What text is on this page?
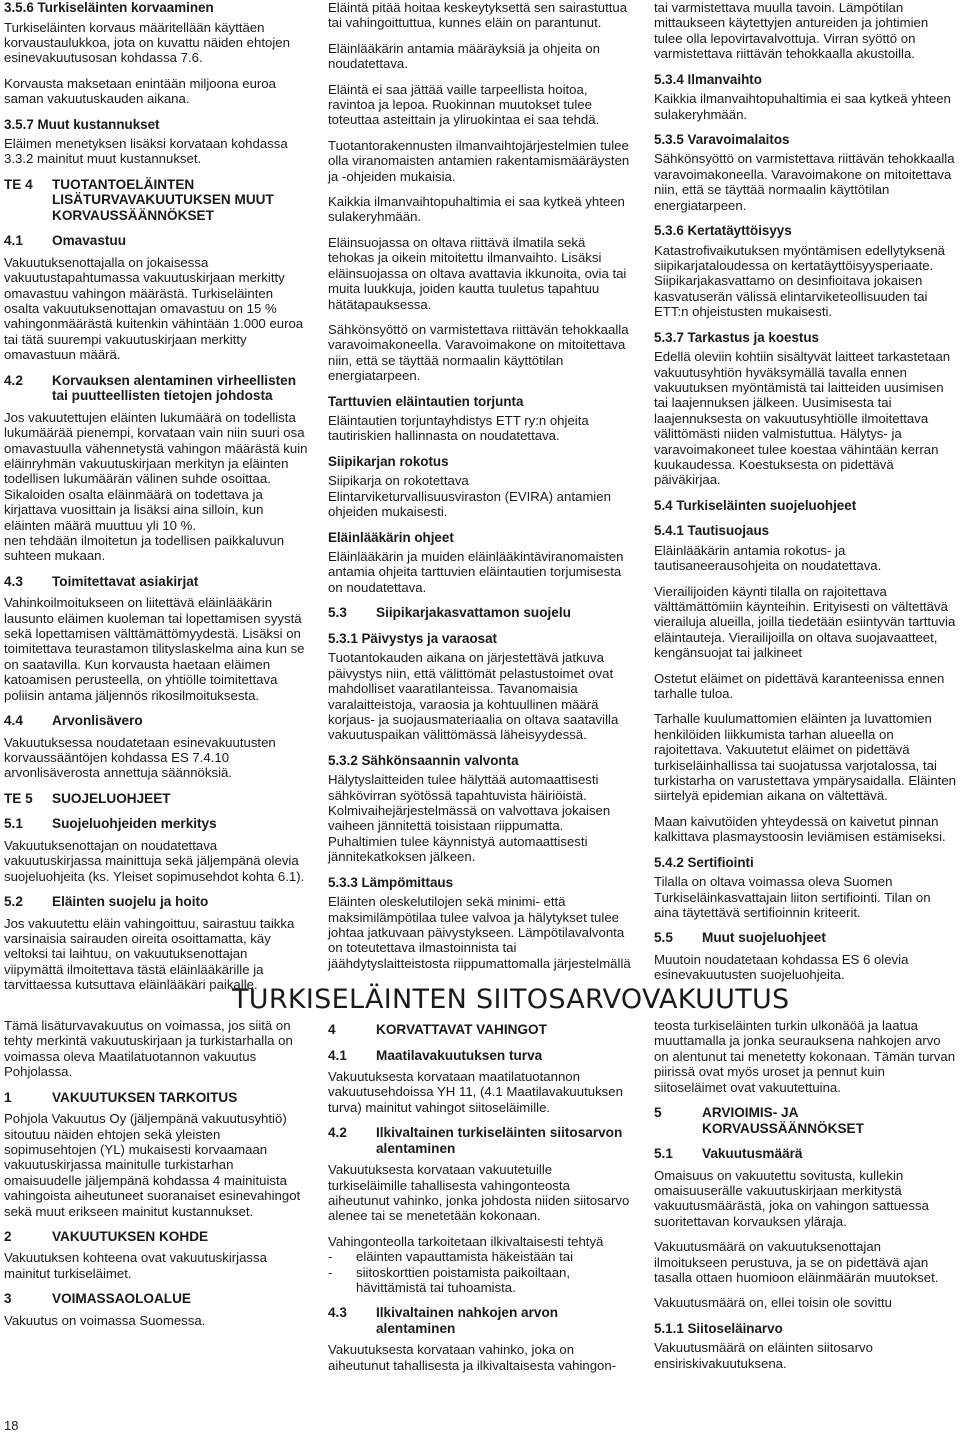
3.5.6 Turkiseläinten korvaaminen

Turkiseläinten korvaus määritellään käyttäen korvaustaulukkoa, jota on kuvattu näiden ehtojen esinevakuutusosan kohdassa 7.6.

Korvausta maksetaan enintään miljoona euroa saman vakuutuskauden aikana.

3.5.7 Muut kustannukset

Eläimen menetyksen lisäksi korvataan kohdassa 3.3.2 mainitut muut kustannukset.

TE 4	TUOTANTOELÄINTEN LISÄTURVAVAKUUTUKSEN MUUT KORVAUSSÄÄNNÖKSET
4.1	Omavastuu

Vakuutuksenottajalla on jokaisessa vakuutustapahtumassa vakuutuskirjaan merkitty omavastuu vahingon määrästä. Turkiseläinten osalta vakuutuksenottajan omavastuu on 15 % vahingonmäärästä kuitenkin vähintään 1.000 euroa tai tätä suurempi vakuutuskirjaan merkitty omavastuun määrä.

4.2	Korvauksen alentaminen virheellisten tai puutteellisten tietojen johdosta

Jos vakuutettujen eläinten lukumäärä on todellista lukumäärää pienempi, korvataan vain niin suuri osa omavastuulla vähennetystä vahingon määrästä kuin eläinryhmän vakuutuskirjaan merkityn ja eläinten todellisen lukumäärän välinen suhde osoittaa. Sikaloiden osalta eläinmäärä on todettava ja kirjattava vuosittain ja lisäksi aina silloin, kun eläinten määrä muuttuu yli 10 %.

nen tehdään ilmoitetun ja todellisen paikkaluvun suhteen mukaan.

4.3	Toimitettavat asiakirjat

Vahinkoilmoitukseen on liitettävä eläinlääkärin lausunto eläimen kuoleman tai lopettamisen syystä sekä lopettamisen välttämättömyydestä. Lisäksi on toimitettava teurastamon tilityslaskelma aina kun se on saatavilla. Kun korvausta haetaan eläimen katoamisen perusteella, on yhtiölle toimitettava poliisin antama jäljennös rikosilmoituksesta.

4.4	Arvonlisävero

Vakuutuksessa noudatetaan esinevakuutusten korvaussääntöjen kohdassa ES 7.4.10 arvonlisäverosta annettuja säännöksiä.

TE 5	SUOJELUOHJEET
5.1	Suojeluohjeiden merkitys

Vakuutuksenottajan on noudatettava vakuutuskirjassa mainittuja sekä jäljempänä olevia suojeluohjeita (ks. Yleiset sopimusehdot kohta 6.1).

5.2	Eläinten suojelu ja hoito

Jos vakuutettu eläin vahingoittuu, sairastuu taikka varsinaisia sairauden oireita osoittamatta, käy veltoksi tai laihtuu, on vakuutuksenottajan viipymättä ilmoitettava tästä eläinlääkärille ja tarvittaessa kutsuttava eläinlääkäri paikalle.

Eläintä pitää hoitaa keskeytyksettä sen sairastuttua tai vahingoittuttua, kunnes eläin on parantunut.

Eläinlääkärin antamia määräyksiä ja ohjeita on noudatettava.

Eläintä ei saa jättää vaille tarpeellista hoitoa, ravintoa ja lepoa. Ruokinnan muutokset tulee toteuttaa asteittain ja yliruokintaa ei saa tehdä.

Tuotantorakennusten ilmanvaihtojärjestelmien tulee olla viranomaisten antamien rakentamismääräysten ja -ohjeiden mukaisia.

Kaikkia ilmanvaihtopuhaltimia ei saa kytkeä yhteen sulakeryhmään.

Eläinsuojassa on oltava riittävä ilmatila sekä tehokas ja oikein mitoitettu ilmanvaihto. Lisäksi eläinsuojassa on oltava avattavia ikkunoita, ovia tai muita luukkuja, joiden kautta tuuletus tapahtuu hätätapauksessa.

Sähkönsyöttö on varmistettava riittävän tehokkaalla varavoimakoneella. Varavoimakone on mitoitettava niin, että se täyttää normaalin käyttötilan energiatarpeen.

Tarttuvien eläintautien torjunta

Eläintautien torjuntayhdistys ETT ry:n ohjeita tautiriskien hallinnasta on noudatettava.

Siipikarjan rokotus

Siipikarja on rokotettava Elintarviketurvallisuusviraston (EVIRA) antamien ohjeiden mukaisesti.

Eläinlääkärin ohjeet

Eläinlääkärin ja muiden eläinlääkintäviranomaisten antamia ohjeita tarttuvien eläintautien torjumisesta on noudatettava.

5.3	Siipikarjakasvattamon suojelu
5.3.1 Päivystys ja varaosat

Tuotantokauden aikana on järjestettävä jatkuva päivystys niin, että välittömät pelastustoimet ovat mahdolliset vaaratilanteissa. Tavanomaisia varalaitteistoja, varaosia ja kohtuullinen määrä korjaus- ja suojausmateriaalia on oltava saatavilla vakuutuspaikan välittömässä läheisyydessä.

5.3.2 Sähkönsaannin valvonta

Hälytyslaitteiden tulee hälyttää automaattisesti sähkövirran syötössä tapahtuvista häiriöistä. Kolmivaihejärjestelmässä on valvottava jokaisen vaiheen jännitettä toisistaan riippumatta. Puhaltimien tulee käynnistyä automaattisesti jännitekatkoksen jälkeen.

5.3.3 Lämpömittaus

Eläinten oleskelutilojen sekä minimi- että maksimilämpötilaa tulee valvoa ja hälytykset tulee johtaa jatkuvaan päivystykseen. Lämpötilavalvonta on toteutettava ilmastoinnista tai jäähdytyslaitteistosta riippumattomalla järjestelmällä

tai varmistettava muulla tavoin. Lämpötilan mittaukseen käytettyjen antureiden ja johtimien tulee olla lepovirtavalvottuja. Virran syöttö on varmistettava riittävän tehokkaalla akustoilla.

5.3.4 Ilmanvaihto

Kaikkia ilmanvaihtopuhaltimia ei saa kytkeä yhteen sulakeryhmään.

5.3.5 Varavoimalaitos

Sähkönsyöttö on varmistettava riittävän tehokkaalla varavoimakoneella. Varavoimakone on mitoitettava niin, että se täyttää normaalin käyttötilan energiatarpeen.

5.3.6 Kertatäyttöisyys

Katastrofivaikutuksen myöntämisen edellytyksenä siipikarjataloudessa on kertatäyttöisyysperiaate. Siipikarjakasvattamo on desinfioitava jokaisen kasvatuserän välissä elintarviketeollisuuden tai ETT:n ohjeistusten mukaisesti.

5.3.7 Tarkastus ja koestus

Edellä oleviin kohtiin sisältyvät laitteet tarkastetaan vakuutusyhtiön hyväksymällä tavalla ennen vakuutuksen myöntämistä tai laitteiden uusimisen tai laajennuksen jälkeen. Uusimisesta tai laajennuksesta on vakuutusyhtiölle ilmoitettava välittömästi niiden valmistuttua. Hälytys- ja varavoimakoneet tulee koestaa vähintään kerran kuukaudessa. Koestuksesta on pidettävä päiväkirjaa.

5.4 Turkiseläinten suojeluohjeet
5.4.1 Tautisuojaus

Eläinlääkärin antamia rokotus- ja tautisaneerausohjeita on noudatettava.

Vierailijoiden käynti tilalla on rajoitettava välttämättömiin käynteihin. Erityisesti on vältettävä vierailuja alueilla, joilla tiedetään esiintyvän tarttuvia eläintauteja. Vierailijoilla on oltava suojavaatteet, kengänsuojat tai jalkineet

Ostetut eläimet on pidettävä karanteenissa ennen tarhalle tuloa.

Tarhalle kuulumattomien eläinten ja luvattomien henkilöiden liikkumista tarhan alueella on rajoitettava. Vakuutetut eläimet on pidettävä turkiseläinhallissa tai suojatussa varjotalossa, tai turkistarha on varustettava ympärysaidalla. Eläinten siirtelyä epidemian aikana on vältettävä.

Maan kaivutöiden yhteydessä on kaivetut pinnan kalkittava plasmaystoosin leviämisen estämiseksi.

5.4.2 Sertifiointi

Tilalla on oltava voimassa oleva Suomen Turkiseläinkasvattajain liiton sertifiointi. Tilan on aina täytettävä sertifioinnin kriteerit.

5.5	Muut suojeluohjeet

Muutoin noudatetaan kohdassa ES 6 olevia esinevakuutusten suojeluohjeita.

TURKISELÄINTEN SIITOSARVOVAKUUTUS

Tämä lisäturvavakuutus on voimassa, jos siitä on tehty merkintä vakuutuskirjaan ja turkistarhalla on voimassa oleva Maatilatuotannon vakuutus Pohjolassa.

1	VAKUUTUKSEN TARKOITUS

Pohjola Vakuutus Oy (jäljempänä vakuutusyhtiö) sitoutuu näiden ehtojen sekä yleisten sopimusehtojen (YL) mukaisesti korvaamaan vakuutuskirjassa mainitulle turkistarhan omaisuudelle jäljempänä kohdassa 4 mainituista vahingoista aiheutuneet suoranaiset esinevahingot sekä muut erikseen mainitut kustannukset.

2	VAKUUTUKSEN KOHDE

Vakuutuksen kohteena ovat vakuutuskirjassa mainitut turkiseläimet.

3	VOIMASSAOLOALUE

Vakuutus on voimassa Suomessa.

4	KORVATTAVAT VAHINGOT
4.1	Maatilavakuutuksen turva

Vakuutuksesta korvataan maatilatuotannon vakuutusehdoissa YH 11, (4.1 Maatilavakuutuksen turva) mainitut vahingot siitoseläimille.

4.2	Ilkivaltainen turkiseläinten siitosarvon alentaminen

Vakuutuksesta korvataan vakuutetuille turkiseläimille tahallisesta vahingonteosta aiheutunut vahinko, jonka johdosta niiden siitosarvo alenee tai se menetetään kokonaan.

Vahingonteolla tarkoitetaan ilkivaltaisesti tehtyä

-	eläinten vapauttamista häkeistään tai
-	siitoskorttien poistamista paikoiltaan, hävittämistä tai tuhoamista.
4.3	Ilkivaltainen nahkojen arvon alentaminen

Vakuutuksesta korvataan vahinko, joka on aiheutunut tahallisesta ja ilkivaltaisesta vahingon-

teosta turkiseläinten turkin ulkonäöä ja laatua muuttamalla ja jonka seurauksena nahkojen arvo on alentunut tai menetetty kokonaan. Tämän turvan piirissä ovat myös uroset ja pennut kuin siitoseläimet ovat vakuutettuina.

5	ARVIOIMIS- JA KORVAUSSÄÄNNÖKSET
5.1	Vakuutusmäärä

Omaisuus on vakuutettu sovitusta, kullekin omaisuuserälle vakuutuskirjaan merkitystä vakuutusmäärästä, joka on vahingon sattuessa suoritettavan korvauksen yläraja.

Vakuutusmäärä on vakuutuksenottajan ilmoitukseen perustuva, ja se on pidettävä ajan tasalla ottaen huomioon eläinmäärän muutokset.

Vakuutusmäärä on, ellei toisin ole sovittu

5.1.1 Siitoseläinarvo

Vakuutusmäärä on eläinten siitosarvo ensiriskivakuutuksena.

18
